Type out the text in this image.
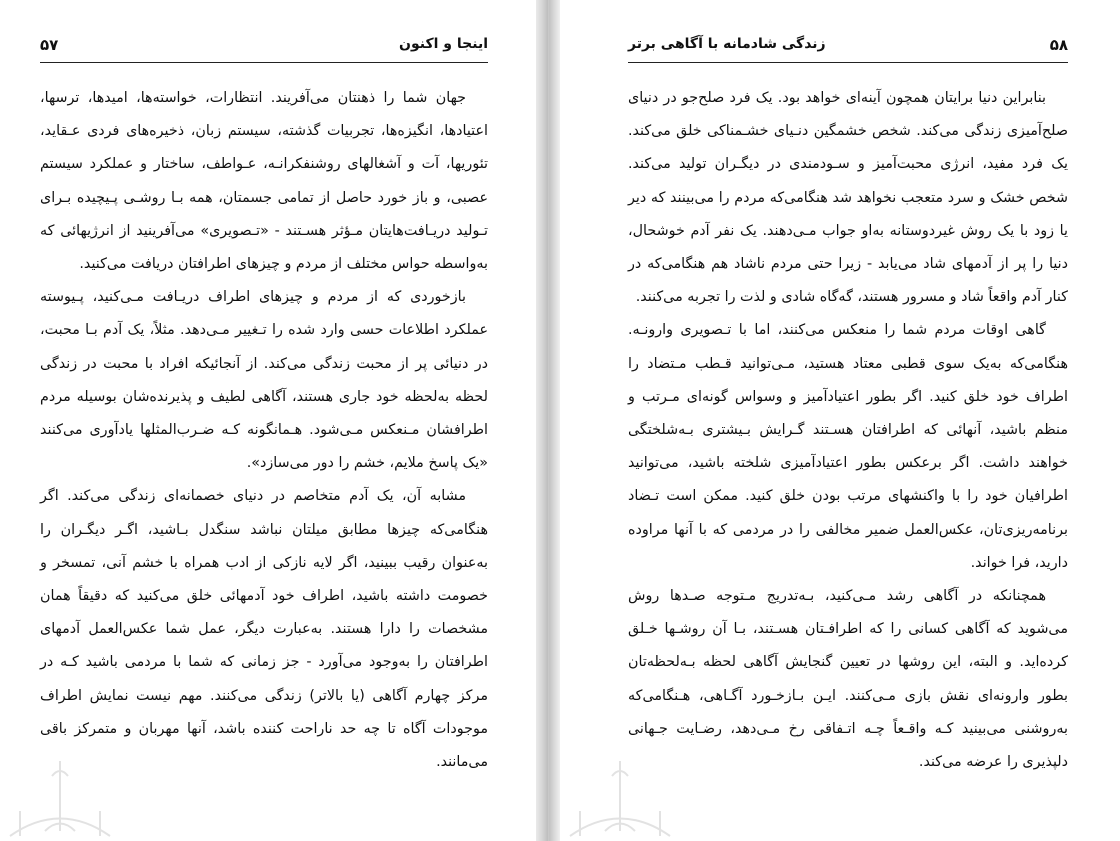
۵۷	اینجا و اکنون

جهان شما را ذهنتان می‌آفریند. انتظارات، خواسته‌ها، امیدها، ترسها، اعتیادها، انگیزه‌ها، تجربیات گذشته، سیستم زبان، ذخیره‌های فردی عـقاید، تئوریها، آت و آشغالهای روشنفکرانـه، عـواطف، ساختار و عملکرد سیستم عصبی، و باز خورد حاصل از تمامی جسمتان، همه بـا روشـی پـیچیده بـرای تـولید دریـافت‌هایتان مـؤثر هسـتند - «تـصویری» می‌آفرینید از انرژیهائی که به‌واسطه حواس مختلف از مردم و چیزهای اطرافتان دریافت می‌کنید.

بازخوردی که از مردم و چیزهای اطراف دریـافت مـی‌کنید، پـیوسته عملکرد اطلاعات حسی وارد شده را تـغییر مـی‌دهد. مثلاً، یک آدم بـا محبت، در دنیائی پر از محبت زندگی می‌کند. از آنجائیکه افراد با محبت در زندگی لحظه به‌لحظه خود جاری هستند، آگاهی لطیف و پذیرنده‌شان بوسیله مردم اطرافشان مـنعکس مـی‌شود. هـمانگونه کـه ضـرب‌المثلها یادآوری می‌کنند «یک پاسخ ملایم، خشم را دور می‌سازد».

مشابه آن، یک آدم متخاصم در دنیای خصمانه‌ای زندگی می‌کند. اگر هنگامی‌که چیزها مطابق میلتان نباشد سنگدل بـاشید، اگـر دیگـران را به‌عنوان رقیب ببینید، اگر لایه نازکی از ادب همراه با خشم آنی، تمسخر و خصومت داشته باشید، اطراف خود آدمهائی خلق می‌کنید که دقیقاً همان مشخصات را دارا هستند. به‌عبارت دیگر، عمل شما عکس‌العمل آدمهای اطرافتان را به‌وجود می‌آورد - جز زمانی که شما با مردمی باشید کـه در مرکز چهارم آگاهی (یا بالاتر) زندگی می‌کنند. مهم نیست نمایش اطراف موجودات آگاه تا چه حد ناراحت کننده باشد، آنها مهربان و متمرکز باقی می‌مانند.

زندگی شادمانه با آگاهی برتر	۵۸

بنابراین دنیا برایتان همچون آینه‌ای خواهد بود. یک فرد صلح‌جو در دنیای صلح‌آمیزی زندگی می‌کند. شخص خشمگین دنـیای خشـمناکی خلق می‌کند. یک فرد مفید، انرژی محبت‌آمیز و سـودمندی در دیگـران تولید می‌کند. شخص خشک و سرد متعجب نخواهد شد هنگامی‌که مردم را می‌بینند که دیر یا زود با یک روش غیردوستانه به‌او جواب مـی‌دهند. یک نفر آدم خوشحال، دنیا را پر از آدمهای شاد می‌یابد - زیرا حتی مردم ناشاد هم هنگامی‌که در کنار آدم واقعاً شاد و مسرور هستند، گه‌گاه شادی و لذت را تجربه می‌کنند.

گاهی اوقات مردم شما را منعکس می‌کنند، اما با تـصویری وارونـه. هنگامی‌که به‌یک سوی قطبی معتاد هستید، مـی‌توانید قـطب مـتضاد را اطراف خود خلق کنید. اگر بطور اعتیادآمیز و وسواس گونه‌ای مـرتب و منظم باشید، آنهائی که اطرافتان هسـتند گـرایش بـیشتری بـه‌شلختگی خواهند داشت. اگر برعکس بطور اعتیادآمیزی شلخته باشید، می‌توانید اطرافیان خود را با واکنشهای مرتب بودن خلق کنید. ممکن است تـضاد برنامه‌ریزی‌تان، عکس‌العمل ضمیر مخالفی را در مردمی که با آنها مراوده دارید، فرا خواند.

همچنانکه در آگاهی رشد مـی‌کنید، بـه‌تدریج مـتوجه صـدها روش می‌شوید که آگاهی کسانی را که اطرافـتان هسـتند، بـا آن روشـها خـلق کرده‌اید. و البته، این روشها در تعیین گنجایش آگاهی لحظه بـه‌لحظه‌تان بطور وارونه‌ای نقش بازی مـی‌کنند. ایـن بـازخـورد آگـاهی، هـنگامی‌که به‌روشنی می‌بینید کـه واقـعاً چـه اتـفاقی رخ مـی‌دهد، رضـایت جـهانی دلپذیری را عرضه می‌کند.
